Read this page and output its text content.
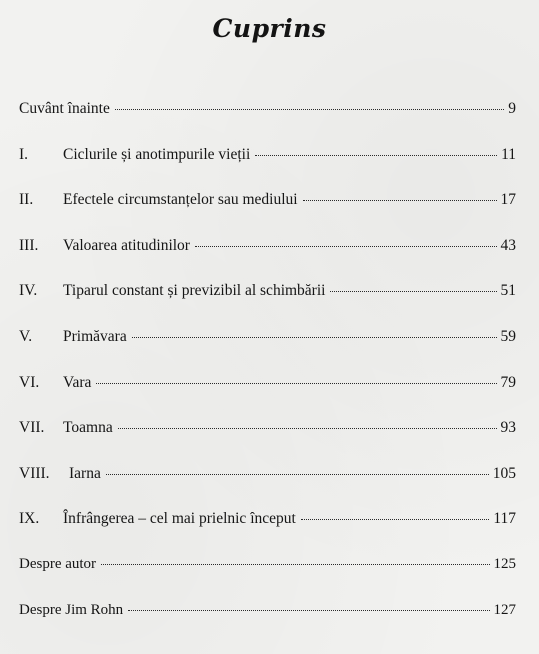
Cuprins
Cuvânt înainte	9
I.	Ciclurile și anotimpurile vieții	11
II.	Efectele circumstanțelor sau mediului	17
III.	Valoarea atitudinilor	43
IV.	Tiparul constant și previzibil al schimbării	51
V.	Primăvara	59
VI.	Vara	79
VII.	Toamna	93
VIII.	Iarna	105
IX.	Înfrângerea – cel mai prielnic început	117
Despre autor	125
Despre Jim Rohn	127
